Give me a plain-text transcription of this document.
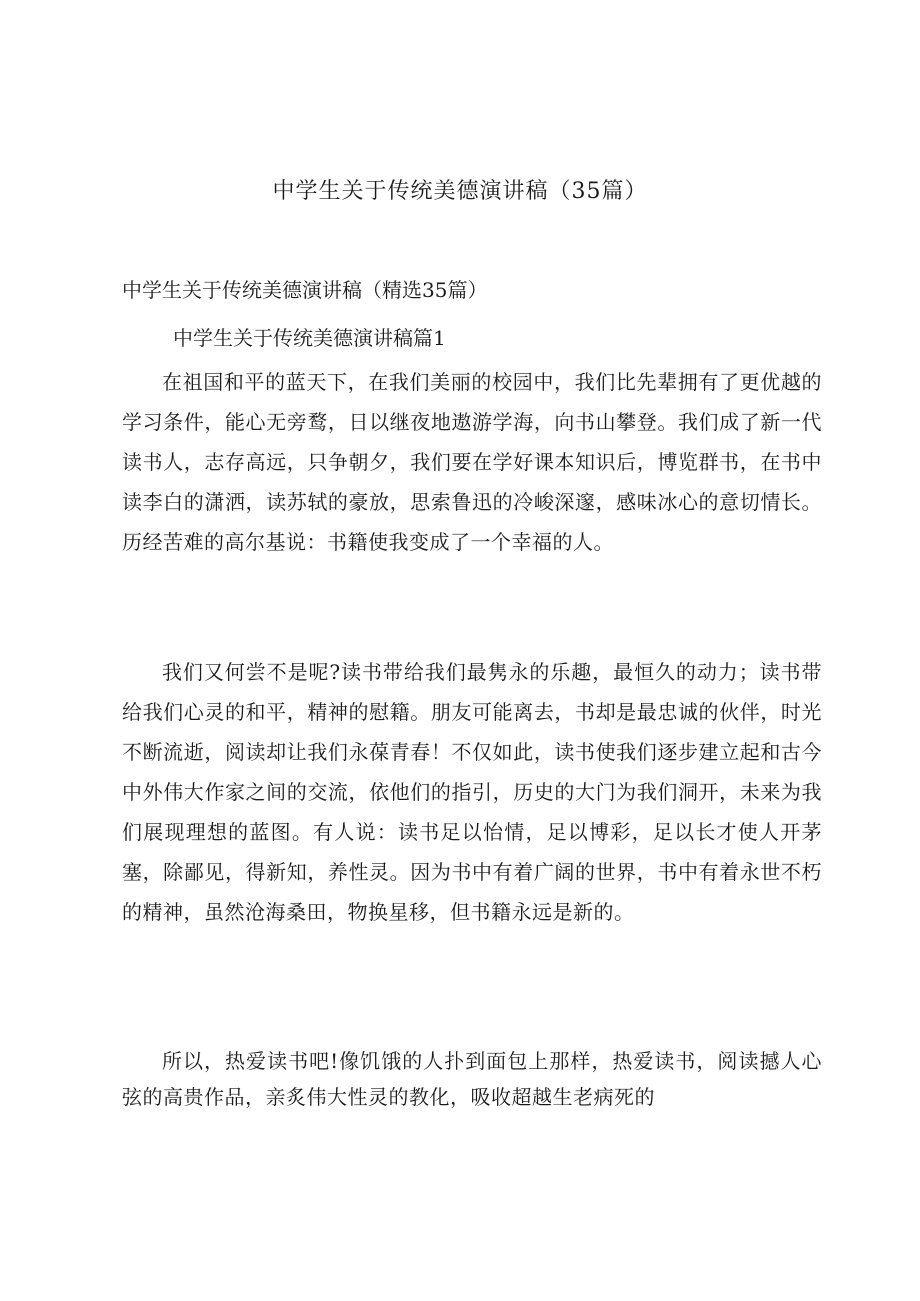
中学生关于传统美德演讲稿（35篇）

中学生关于传统美德演讲稿（精选35篇）

中学生关于传统美德演讲稿篇1

在祖国和平的蓝天下，在我们美丽的校园中，我们比先辈拥有了更优越的学习条件，能心无旁鹜，日以继夜地遨游学海，向书山攀登。我们成了新一代读书人，志存高远，只争朝夕，我们要在学好课本知识后，博览群书，在书中读李白的潇洒，读苏轼的豪放，思索鲁迅的冷峻深邃，感味冰心的意切情长。历经苦难的高尔基说：书籍使我变成了一个幸福的人。

我们又何尝不是呢?读书带给我们最隽永的乐趣，最恒久的动力；读书带给我们心灵的和平，精神的慰籍。朋友可能离去，书却是最忠诚的伙伴，时光不断流逝，阅读却让我们永葆青春！不仅如此，读书使我们逐步建立起和古今中外伟大作家之间的交流，依他们的指引，历史的大门为我们洞开，未来为我们展现理想的蓝图。有人说：读书足以怡情，足以博彩，足以长才使人开茅塞，除鄙见，得新知，养性灵。因为书中有着广阔的世界，书中有着永世不朽的精神，虽然沧海桑田，物换星移，但书籍永远是新的。

所以，热爱读书吧!像饥饿的人扑到面包上那样，热爱读书，阅读撼人心弦的高贵作品，亲炙伟大性灵的教化，吸收超越生老病死的
